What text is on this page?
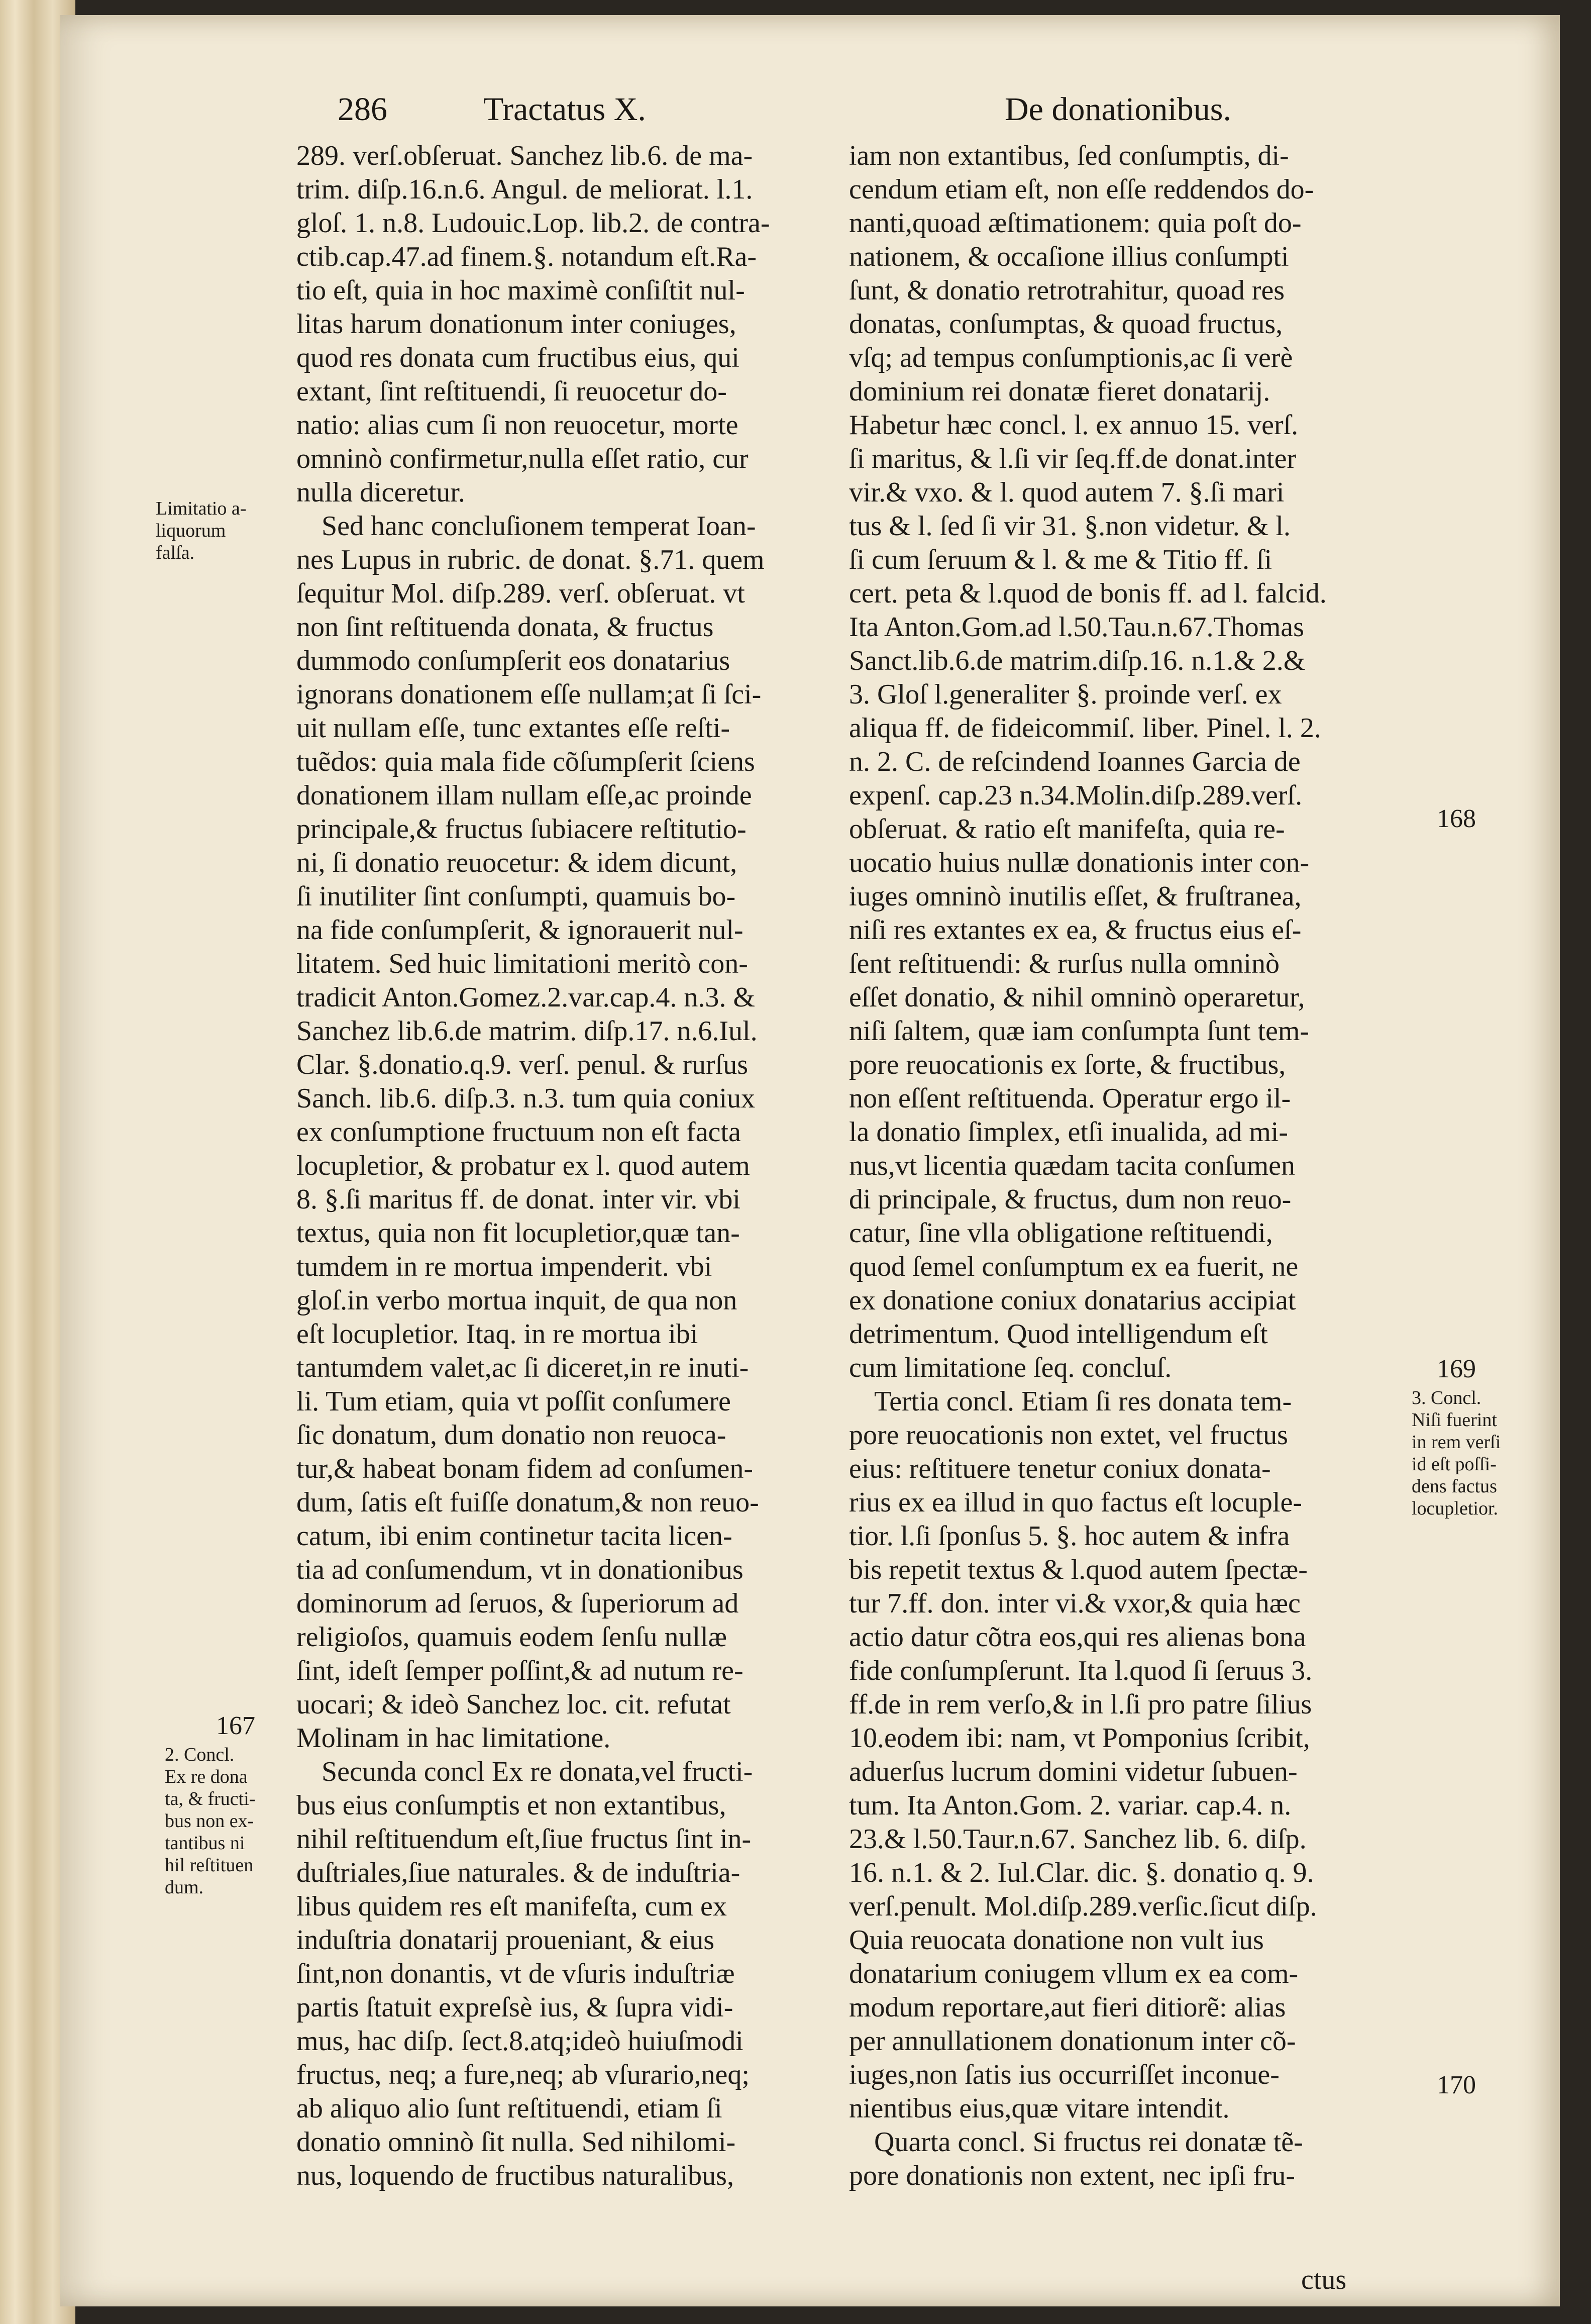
286	Tractatus X.	De donationibus.
289. verſ.obſeruat. Sanchez lib.6. de ma-
trim. diſp.16.n.6. Angul. de meliorat. l.1.
gloſ. 1. n.8. Ludouic.Lop. lib.2. de contra-
ctib.cap.47.ad finem.§. notandum eſt.Ra-
tio eſt, quia in hoc maximè conſiſtit nul-
litas harum donationum inter coniuges,
quod res donata cum fructibus eius, qui
extant, ſint reſtituendi, ſi reuocetur do-
natio: alias cum ſi non reuocetur, morte
omninò confirmetur,nulla eſſet ratio, cur
nulla diceretur.
Sed hanc concluſionem temperat Ioan-
nes Lupus in rubric. de donat. §.71. quem
ſequitur Mol. diſp.289. verſ. obſeruat. vt
non ſint reſtituenda donata, & fructus
dummodo conſumpſerit eos donatarius
ignorans donationem eſſe nullam;at ſi ſci-
uit nullam eſſe, tunc extantes eſſe reſti-
tuẽdos: quia mala fide cõſumpſerit ſciens
donationem illam nullam eſſe,ac proinde
principale,& fructus ſubiacere reſtitutio-
ni, ſi donatio reuocetur: & idem dicunt,
ſi inutiliter ſint conſumpti, quamuis bo-
na fide conſumpſerit, & ignorauerit nul-
litatem. Sed huic limitationi meritò con-
tradicit Anton.Gomez.2.var.cap.4. n.3. &
Sanchez lib.6.de matrim. diſp.17. n.6.Iul.
Clar. §.donatio.q.9. verſ. penul. & rurſus
Sanch. lib.6. diſp.3. n.3. tum quia coniux
ex conſumptione fructuum non eſt facta
locupletior, & probatur ex l. quod autem
8. §.ſi maritus ff. de donat. inter vir. vbi
textus, quia non fit locupletior,quæ tan-
tumdem in re mortua impenderit. vbi
gloſ.in verbo mortua inquit, de qua non
eſt locupletior. Itaq. in re mortua ibi
tantumdem valet,ac ſi diceret,in re inuti-
li. Tum etiam, quia vt poſſit conſumere
ſic donatum, dum donatio non reuoca-
tur,& habeat bonam fidem ad conſumen-
dum, ſatis eſt fuiſſe donatum,& non reuo-
catum, ibi enim continetur tacita licen-
tia ad conſumendum, vt in donationibus
dominorum ad ſeruos, & ſuperiorum ad
religioſos, quamuis eodem ſenſu nullæ
ſint, ideſt ſemper poſſint,& ad nutum re-
uocari; & ideò Sanchez loc. cit. refutat
Molinam in hac limitatione.
Secunda concl Ex re donata,vel fructi-
bus eius conſumptis et non extantibus,
nihil reſtituendum eſt,ſiue fructus ſint in-
duſtriales,ſiue naturales. & de induſtria-
libus quidem res eſt manifeſta, cum ex
induſtria donatarij proueniant, & eius
ſint,non donantis, vt de vſuris induſtriæ
partis ſtatuit expreſsè ius, & ſupra vidi-
mus, hac diſp. ſect.8.atq;ideò huiuſmodi
fructus, neq; a fure,neq; ab vſurario,neq;
ab aliquo alio ſunt reſtituendi, etiam ſi
donatio omninò ſit nulla. Sed nihilomi-
nus, loquendo de fructibus naturalibus,
iam non extantibus, ſed conſumptis, di-
cendum etiam eſt, non eſſe reddendos do-
nanti,quoad æſtimationem: quia poſt do-
nationem, & occaſione illius conſumpti
ſunt, & donatio retrotrahitur, quoad res
donatas, conſumptas, & quoad fructus,
vſq; ad tempus conſumptionis,ac ſi verè
dominium rei donatæ fieret donatarij.
Habetur hæc concl. l. ex annuo 15. verſ.
ſi maritus, & l.ſi vir ſeq.ff.de donat.inter
vir.& vxo. & l. quod autem 7. §.ſi mari
tus & l. ſed ſi vir 31. §.non videtur. & l.
ſi cum ſeruum & l. & me & Titio ff. ſi
cert. peta & l.quod de bonis ff. ad l. falcid.
Ita Anton.Gom.ad l.50.Tau.n.67.Thomas
Sanct.lib.6.de matrim.diſp.16. n.1.& 2.&
3. Gloſ l.generaliter §. proinde verſ. ex
aliqua ff. de fideicommiſ. liber. Pinel. l. 2.
n. 2. C. de reſcindend Ioannes Garcia de
expenſ. cap.23 n.34.Molin.diſp.289.verſ.
obſeruat. & ratio eſt manifeſta, quia re-
uocatio huius nullæ donationis inter con-
iuges omninò inutilis eſſet, & fruſtranea,
niſi res extantes ex ea, & fructus eius eſ-
ſent reſtituendi: & rurſus nulla omninò
eſſet donatio, & nihil omninò operaretur,
niſi ſaltem, quæ iam conſumpta ſunt tem-
pore reuocationis ex ſorte, & fructibus,
non eſſent reſtituenda. Operatur ergo il-
la donatio ſimplex, etſi inualida, ad mi-
nus,vt licentia quædam tacita conſumen
di principale, & fructus, dum non reuo-
catur, ſine vlla obligatione reſtituendi,
quod ſemel conſumptum ex ea fuerit, ne
ex donatione coniux donatarius accipiat
detrimentum. Quod intelligendum eſt
cum limitatione ſeq. concluſ.
Tertia concl. Etiam ſi res donata tem-
pore reuocationis non extet, vel fructus
eius: reſtituere tenetur coniux donata-
rius ex ea illud in quo factus eſt locuple-
tior. l.ſi ſponſus 5. §. hoc autem & infra
bis repetit textus & l.quod autem ſpectæ-
tur 7.ff. don. inter vi.& vxor,& quia hæc
actio datur cõtra eos,qui res alienas bona
fide conſumpſerunt. Ita l.quod ſi ſeruus 3.
ff.de in rem verſo,& in l.ſi pro patre ſilius
10.eodem ibi: nam, vt Pomponius ſcribit,
aduerſus lucrum domini videtur ſubuen-
tum. Ita Anton.Gom. 2. variar. cap.4. n.
23.& l.50.Taur.n.67. Sanchez lib. 6. diſp.
16. n.1. & 2. Iul.Clar. dic. §. donatio q. 9.
verſ.penult. Mol.diſp.289.verſic.ſicut diſp.
Quia reuocata donatione non vult ius
donatarium coniugem vllum ex ea com-
modum reportare,aut fieri ditiorẽ: alias
per annullationem donationum inter cõ-
iuges,non ſatis ius occurriſſet inconue-
nientibus eius,quæ vitare intendit.
Quarta concl. Si fructus rei donatæ tẽ-
pore donationis non extent, nec ipſi fru-
ctus
Limitatio a-
liquorum
falſa.
167
2. Concl.
Ex re dona
ta, & fructi-
bus non ex-
tantibus ni
hil reſtituen
dum.
168
169
3. Concl.
Niſi fuerint
in rem verſi
id eſt poſſi-
dens factus
locupletior.
170
